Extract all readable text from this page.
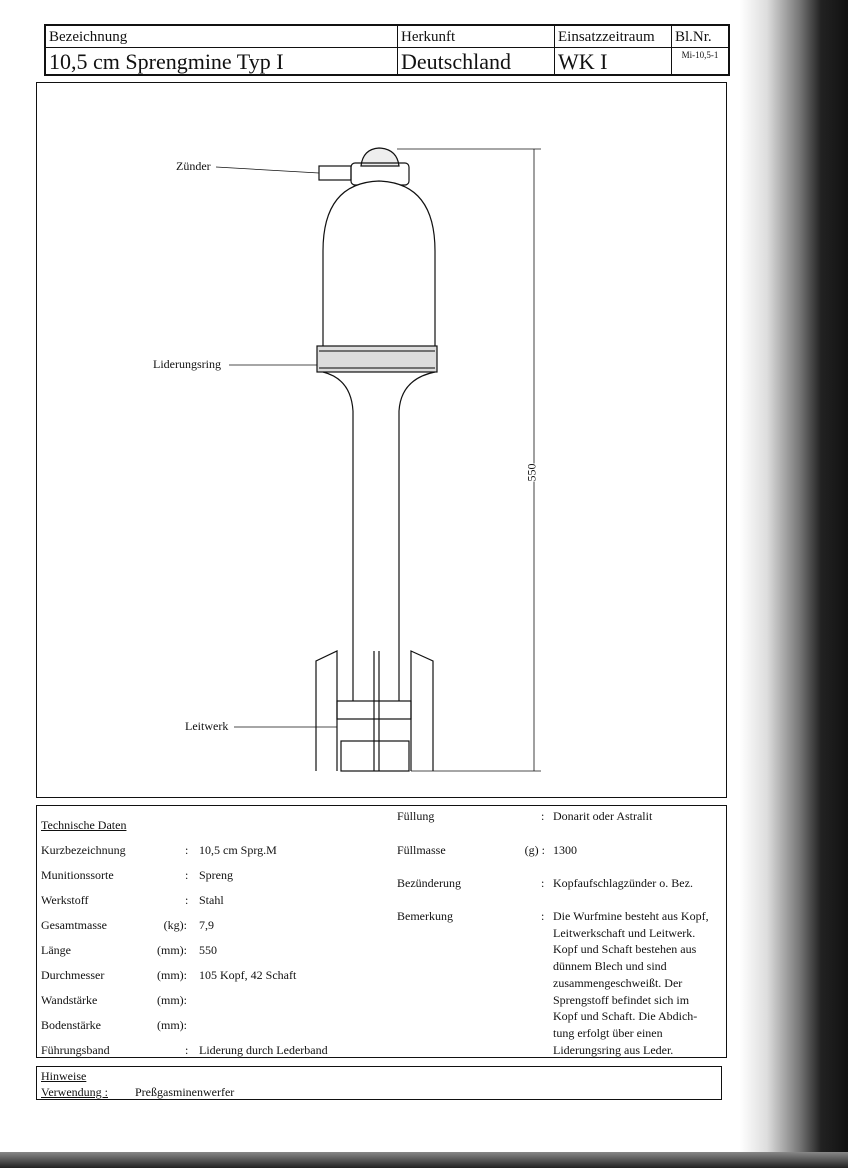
Bezeichnung	Herkunft	Einsatzzeitraum	Bl.Nr.
10,5 cm Sprengmine Typ I	Deutschland	WK I	Mi-10,5-1
Zünder
Liderungsring
Leitwerk
550
Technische Daten
Kurzbezeichnung	: 10,5 cm Sprg.M
Munitionssorte	: Spreng
Werkstoff	: Stahl
Gesamtmasse	(kg): 7,9
Länge	(mm): 550
Durchmesser	(mm): 105 Kopf, 42 Schaft
Wandstärke	(mm):
Bodenstärke	(mm):
Führungsband	: Liderung durch Lederband
Füllung	: Donarit oder Astralit
Füllmasse	(g) : 1300
Bezünderung	: Kopfaufschlagzünder o. Bez.
Bemerkung	: Die Wurfmine besteht aus Kopf,
Leitwerkschaft und Leitwerk.
Kopf und Schaft bestehen aus
dünnem Blech und sind
zusammengeschweißt. Der
Sprengstoff befindet sich im
Kopf und Schaft. Die Abdich-
tung erfolgt über einen
Liderungsring aus Leder.
Hinweise
Verwendung : Preßgasminenwerfer
